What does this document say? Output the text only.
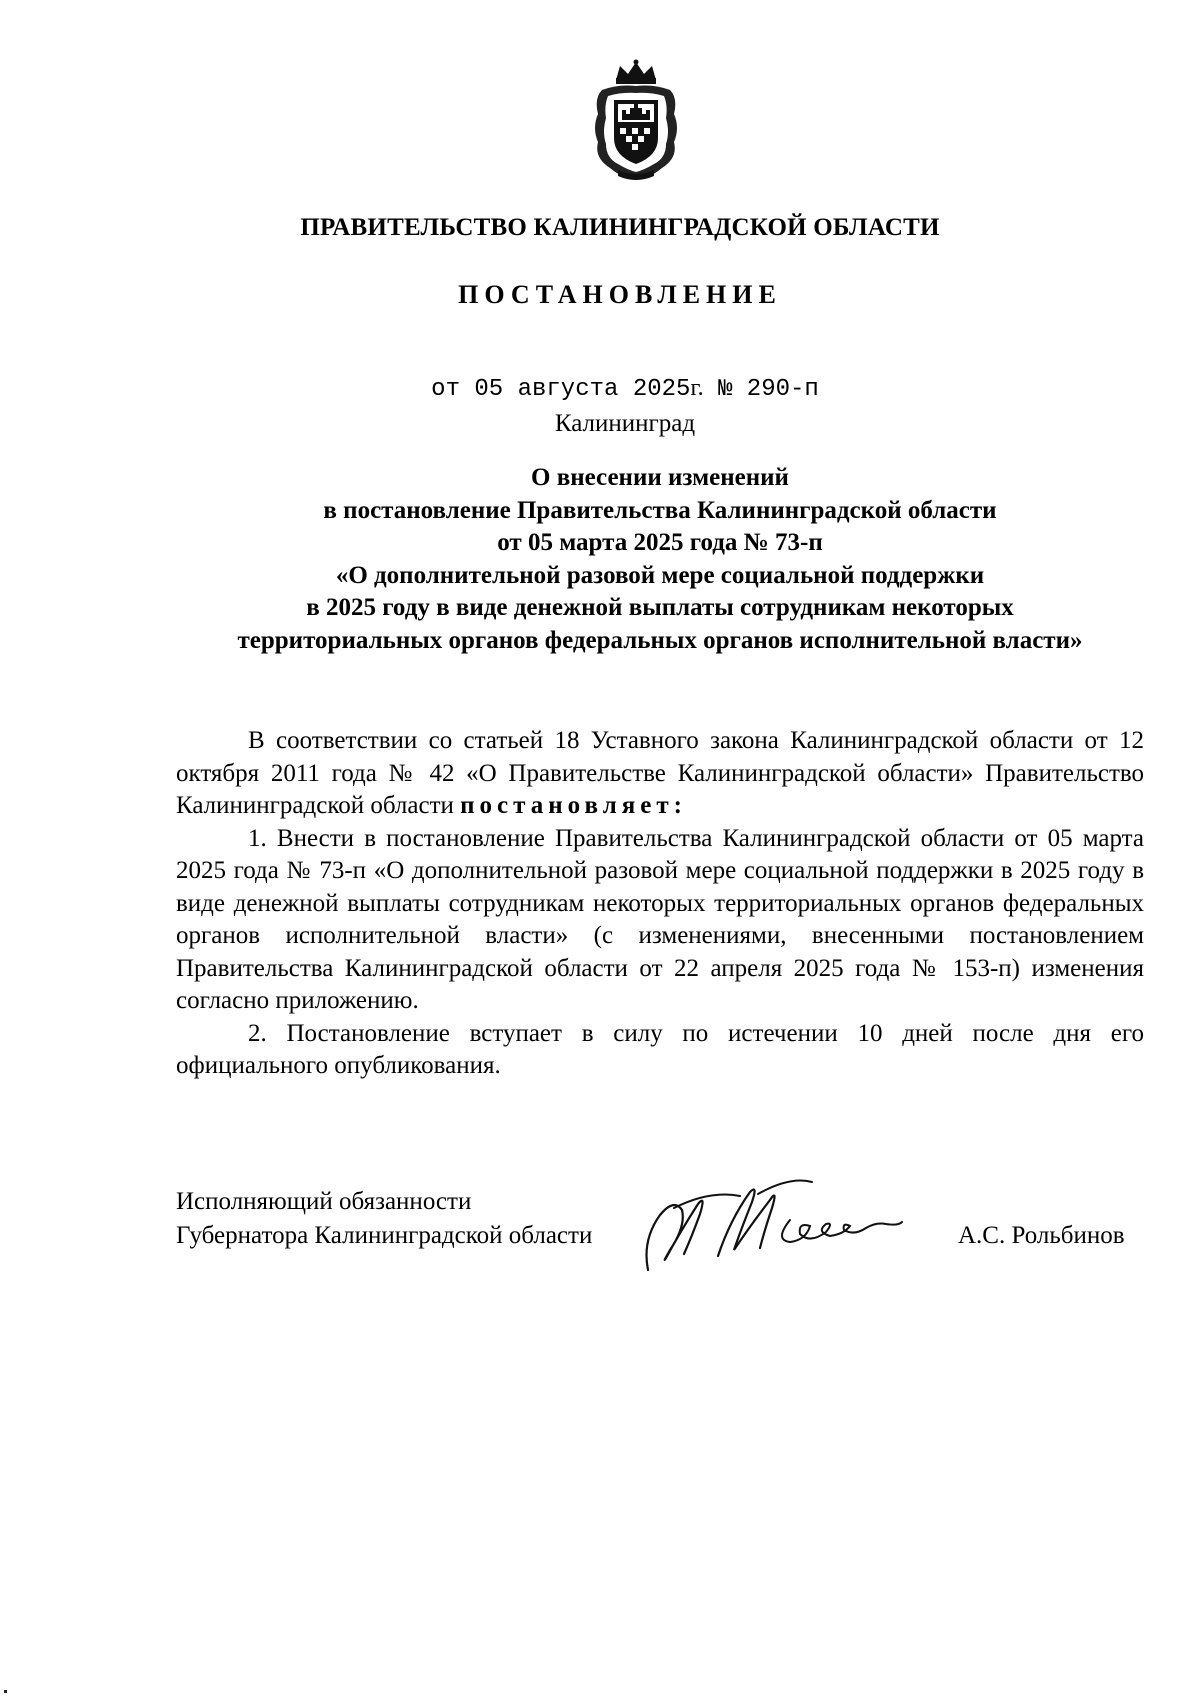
ПРАВИТЕЛЬСТВО КАЛИНИНГРАДСКОЙ ОБЛАСТИ
ПОСТАНОВЛЕНИЕ
от 05 августа 2025г. № 290-п
Калининград
О внесении изменений
в постановление Правительства Калининградской области
от 05 марта 2025 года № 73-п
«О дополнительной разовой мере социальной поддержки
в 2025 году в виде денежной выплаты сотрудникам некоторых
территориальных органов федеральных органов исполнительной власти»

В соответствии со статьей 18 Уставного закона Калининградской области от 12 октября 2011 года № 42 «О Правительстве Калининградской области» Правительство Калининградской области постановляет:

1. Внести в постановление Правительства Калининградской области от 05 марта 2025 года № 73-п «О дополнительной разовой мере социальной поддержки в 2025 году в виде денежной выплаты сотрудникам некоторых территориальных органов федеральных органов исполнительной власти» (с изменениями, внесенными постановлением Правительства Калининградской области от 22 апреля 2025 года № 153-п) изменения согласно приложению.

2. Постановление вступает в силу по истечении 10 дней после дня его официального опубликования.

Исполняющий обязанности
Губернатора Калининградской области	А.С. Рольбинов
